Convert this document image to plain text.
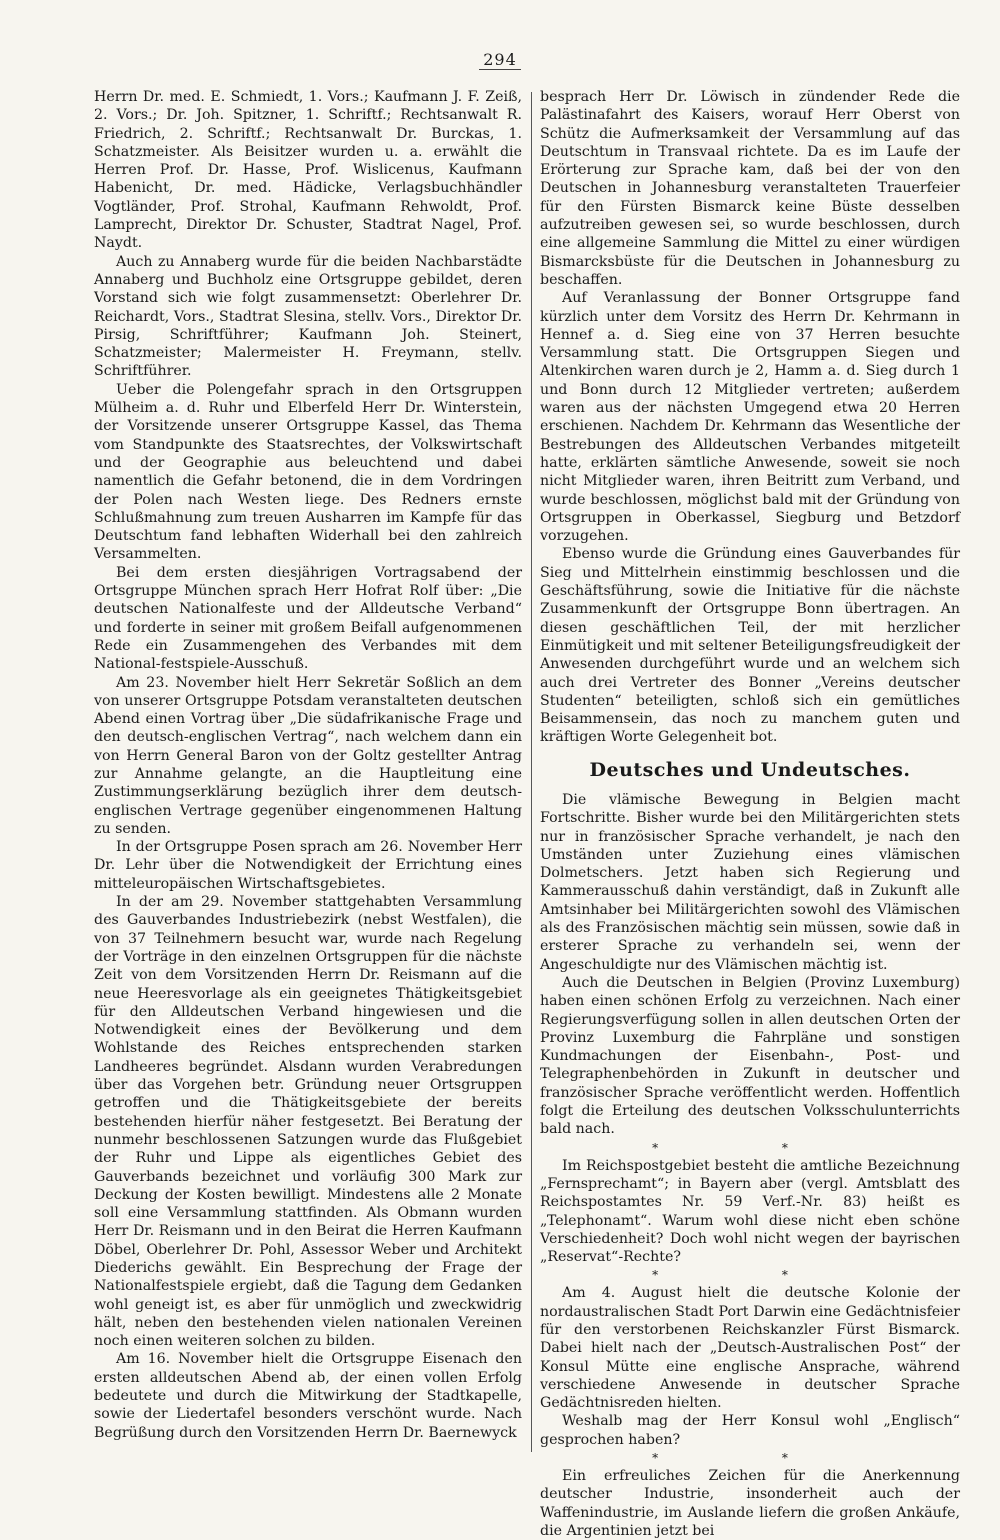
294

Herrn Dr. med. E. Schmiedt, 1. Vors.; Kaufmann J. F. Zeiß, 2. Vors.; Dr. Joh. Spitzner, 1. Schriftf.; Rechtsanwalt R. Friedrich, 2. Schriftf.; Rechtsanwalt Dr. Burckas, 1. Schatzmeister. Als Beisitzer wurden u. a. erwählt die Herren Prof. Dr. Hasse, Prof. Wislicenus, Kaufmann Habenicht, Dr. med. Hädicke, Verlagsbuchhändler Vogtländer, Prof. Strohal, Kaufmann Rehwoldt, Prof. Lamprecht, Direktor Dr. Schuster, Stadtrat Nagel, Prof. Naydt.

Auch zu Annaberg wurde für die beiden Nachbarstädte Annaberg und Buchholz eine Ortsgruppe gebildet, deren Vorstand sich wie folgt zusammensetzt: Oberlehrer Dr. Reichardt, Vors., Stadtrat Slesina, stellv. Vors., Direktor Dr. Pirsig, Schriftführer; Kaufmann Joh. Steinert, Schatzmeister; Malermeister H. Freymann, stellv. Schriftführer.

Ueber die Polengefahr sprach in den Ortsgruppen Mülheim a. d. Ruhr und Elberfeld Herr Dr. Winterstein, der Vorsitzende unserer Ortsgruppe Kassel, das Thema vom Standpunkte des Staatsrechtes, der Volkswirtschaft und der Geographie aus beleuchtend und dabei namentlich die Gefahr betonend, die in dem Vordringen der Polen nach Westen liege. Des Redners ernste Schlußmahnung zum treuen Ausharren im Kampfe für das Deutschtum fand lebhaften Widerhall bei den zahlreich Versammelten.

Bei dem ersten diesjährigen Vortragsabend der Ortsgruppe München sprach Herr Hofrat Rolf über: „Die deutschen Nationalfeste und der Alldeutsche Verband“ und forderte in seiner mit großem Beifall aufgenommenen Rede ein Zusammengehen des Verbandes mit dem National-festspiele-Ausschuß.

Am 23. November hielt Herr Sekretär Soßlich an dem von unserer Ortsgruppe Potsdam veranstalteten deutschen Abend einen Vortrag über „Die südafrikanische Frage und den deutsch-englischen Vertrag“, nach welchem dann ein von Herrn General Baron von der Goltz gestellter Antrag zur Annahme gelangte, an die Hauptleitung eine Zustimmungserklärung bezüglich ihrer dem deutsch-englischen Vertrage gegenüber eingenommenen Haltung zu senden.

In der Ortsgruppe Posen sprach am 26. November Herr Dr. Lehr über die Notwendigkeit der Errichtung eines mitteleuropäischen Wirtschaftsgebietes.

In der am 29. November stattgehabten Versammlung des Gauverbandes Industriebezirk (nebst Westfalen), die von 37 Teilnehmern besucht war, wurde nach Regelung der Vorträge in den einzelnen Ortsgruppen für die nächste Zeit von dem Vorsitzenden Herrn Dr. Reismann auf die neue Heeresvorlage als ein geeignetes Thätigkeitsgebiet für den Alldeutschen Verband hingewiesen und die Notwendigkeit eines der Bevölkerung und dem Wohlstande des Reiches entsprechenden starken Landheeres begründet. Alsdann wurden Verabredungen über das Vorgehen betr. Gründung neuer Ortsgruppen getroffen und die Thätigkeitsgebiete der bereits bestehenden hierfür näher festgesetzt. Bei Beratung der nunmehr beschlossenen Satzungen wurde das Flußgebiet der Ruhr und Lippe als eigentliches Gebiet des Gauverbands bezeichnet und vorläufig 300 Mark zur Deckung der Kosten bewilligt. Mindestens alle 2 Monate soll eine Versammlung stattfinden. Als Obmann wurden Herr Dr. Reismann und in den Beirat die Herren Kaufmann Döbel, Oberlehrer Dr. Pohl, Assessor Weber und Architekt Diederichs gewählt. Ein Besprechung der Frage der Nationalfestspiele ergiebt, daß die Tagung dem Gedanken wohl geneigt ist, es aber für unmöglich und zweckwidrig hält, neben den bestehenden vielen nationalen Vereinen noch einen weiteren solchen zu bilden.

Am 16. November hielt die Ortsgruppe Eisenach den ersten alldeutschen Abend ab, der einen vollen Erfolg bedeutete und durch die Mitwirkung der Stadtkapelle, sowie der Liedertafel besonders verschönt wurde. Nach Begrüßung durch den Vorsitzenden Herrn Dr. Baernewyck

besprach Herr Dr. Löwisch in zündender Rede die Palästinafahrt des Kaisers, worauf Herr Oberst von Schütz die Aufmerksamkeit der Versammlung auf das Deutschtum in Transvaal richtete. Da es im Laufe der Erörterung zur Sprache kam, daß bei der von den Deutschen in Johannesburg veranstalteten Trauerfeier für den Fürsten Bismarck keine Büste desselben aufzutreiben gewesen sei, so wurde beschlossen, durch eine allgemeine Sammlung die Mittel zu einer würdigen Bismarcksbüste für die Deutschen in Johannesburg zu beschaffen.

Auf Veranlassung der Bonner Ortsgruppe fand kürzlich unter dem Vorsitz des Herrn Dr. Kehrmann in Hennef a. d. Sieg eine von 37 Herren besuchte Versammlung statt. Die Ortsgruppen Siegen und Altenkirchen waren durch je 2, Hamm a. d. Sieg durch 1 und Bonn durch 12 Mitglieder vertreten; außerdem waren aus der nächsten Umgegend etwa 20 Herren erschienen. Nachdem Dr. Kehrmann das Wesentliche der Bestrebungen des Alldeutschen Verbandes mitgeteilt hatte, erklärten sämtliche Anwesende, soweit sie noch nicht Mitglieder waren, ihren Beitritt zum Verband, und wurde beschlossen, möglichst bald mit der Gründung von Ortsgruppen in Oberkassel, Siegburg und Betzdorf vorzugehen.

Ebenso wurde die Gründung eines Gauverbandes für Sieg und Mittelrhein einstimmig beschlossen und die Geschäftsführung, sowie die Initiative für die nächste Zusammenkunft der Ortsgruppe Bonn übertragen. An diesen geschäftlichen Teil, der mit herzlicher Einmütigkeit und mit seltener Beteiligungsfreudigkeit der Anwesenden durchgeführt wurde und an welchem sich auch drei Vertreter des Bonner „Vereins deutscher Studenten“ beteiligten, schloß sich ein gemütliches Beisammensein, das noch zu manchem guten und kräftigen Worte Gelegenheit bot.

Deutsches und Undeutsches.

Die vlämische Bewegung in Belgien macht Fortschritte. Bisher wurde bei den Militärgerichten stets nur in französischer Sprache verhandelt, je nach den Umständen unter Zuziehung eines vlämischen Dolmetschers. Jetzt haben sich Regierung und Kammerausschuß dahin verständigt, daß in Zukunft alle Amtsinhaber bei Militärgerichten sowohl des Vlämischen als des Französischen mächtig sein müssen, sowie daß in ersterer Sprache zu verhandeln sei, wenn der Angeschuldigte nur des Vlämischen mächtig ist.

Auch die Deutschen in Belgien (Provinz Luxemburg) haben einen schönen Erfolg zu verzeichnen. Nach einer Regierungsverfügung sollen in allen deutschen Orten der Provinz Luxemburg die Fahrpläne und sonstigen Kundmachungen der Eisenbahn-, Post- und Telegraphenbehörden in Zukunft in deutscher und französischer Sprache veröffentlicht werden. Hoffentlich folgt die Erteilung des deutschen Volksschulunterrichts bald nach.

* *

Im Reichspostgebiet besteht die amtliche Bezeichnung „Fernsprechamt“; in Bayern aber (vergl. Amtsblatt des Reichspostamtes Nr. 59 Verf.-Nr. 83) heißt es „Telephonamt“. Warum wohl diese nicht eben schöne Verschiedenheit? Doch wohl nicht wegen der bayrischen „Reservat“-Rechte?

* *

Am 4. August hielt die deutsche Kolonie der nordaustralischen Stadt Port Darwin eine Gedächtnisfeier für den verstorbenen Reichskanzler Fürst Bismarck. Dabei hielt nach der „Deutsch-Australischen Post“ der Konsul Mütte eine englische Ansprache, während verschiedene Anwesende in deutscher Sprache Gedächtnisreden hielten.

Weshalb mag der Herr Konsul wohl „Englisch“ gesprochen haben?

* *

Ein erfreuliches Zeichen für die Anerkennung deutscher Industrie, insonderheit auch der Waffenindustrie, im Auslande liefern die großen Ankäufe, die Argentinien jetzt bei
